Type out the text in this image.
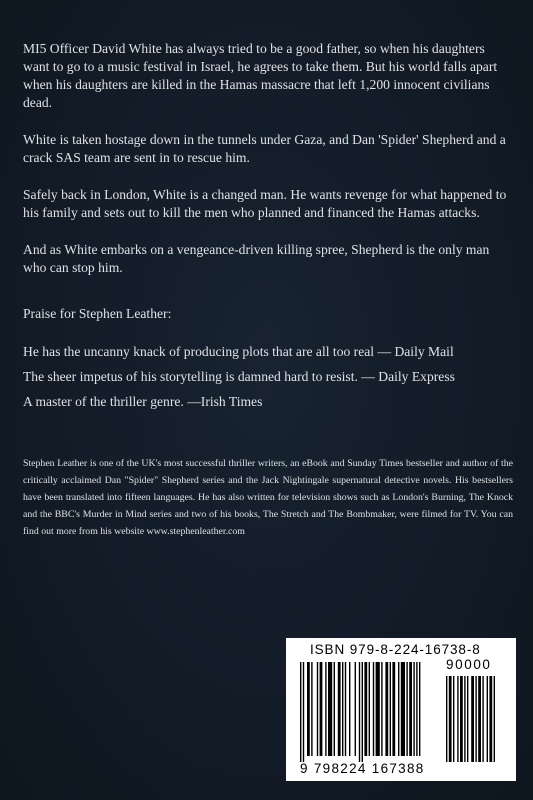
MI5 Officer David White has always tried to be a good father, so when his daughters want to go to a music festival in Israel, he agrees to take them. But his world falls apart when his daughters are killed in the Hamas massacre that left 1,200 innocent civilians dead.

White is taken hostage down in the tunnels under Gaza, and Dan 'Spider' Shepherd and a crack SAS team are sent in to rescue him.

Safely back in London, White is a changed man. He wants revenge for what happened to his family and sets out to kill the men who planned and financed the Hamas attacks.

And as White embarks on a vengeance-driven killing spree, Shepherd is the only man who can stop him.

Praise for Stephen Leather:

He has the uncanny knack of producing plots that are all too real — Daily Mail
The sheer impetus of his storytelling is damned hard to resist. — Daily Express
A master of the thriller genre. —Irish Times

Stephen Leather is one of the UK's most successful thriller writers, an eBook and Sunday Times bestseller and author of the critically acclaimed Dan "Spider" Shepherd series and the Jack Nightingale supernatural detective novels. His bestsellers have been translated into fifteen languages. He has also written for television shows such as London's Burning, The Knock and the BBC's Murder in Mind series and two of his books, The Stretch and The Bombmaker, were filmed for TV. You can find out more from his website www.stephenleather.com

ISBN 979-8-224-16738-8
90000
9 798224 167388
